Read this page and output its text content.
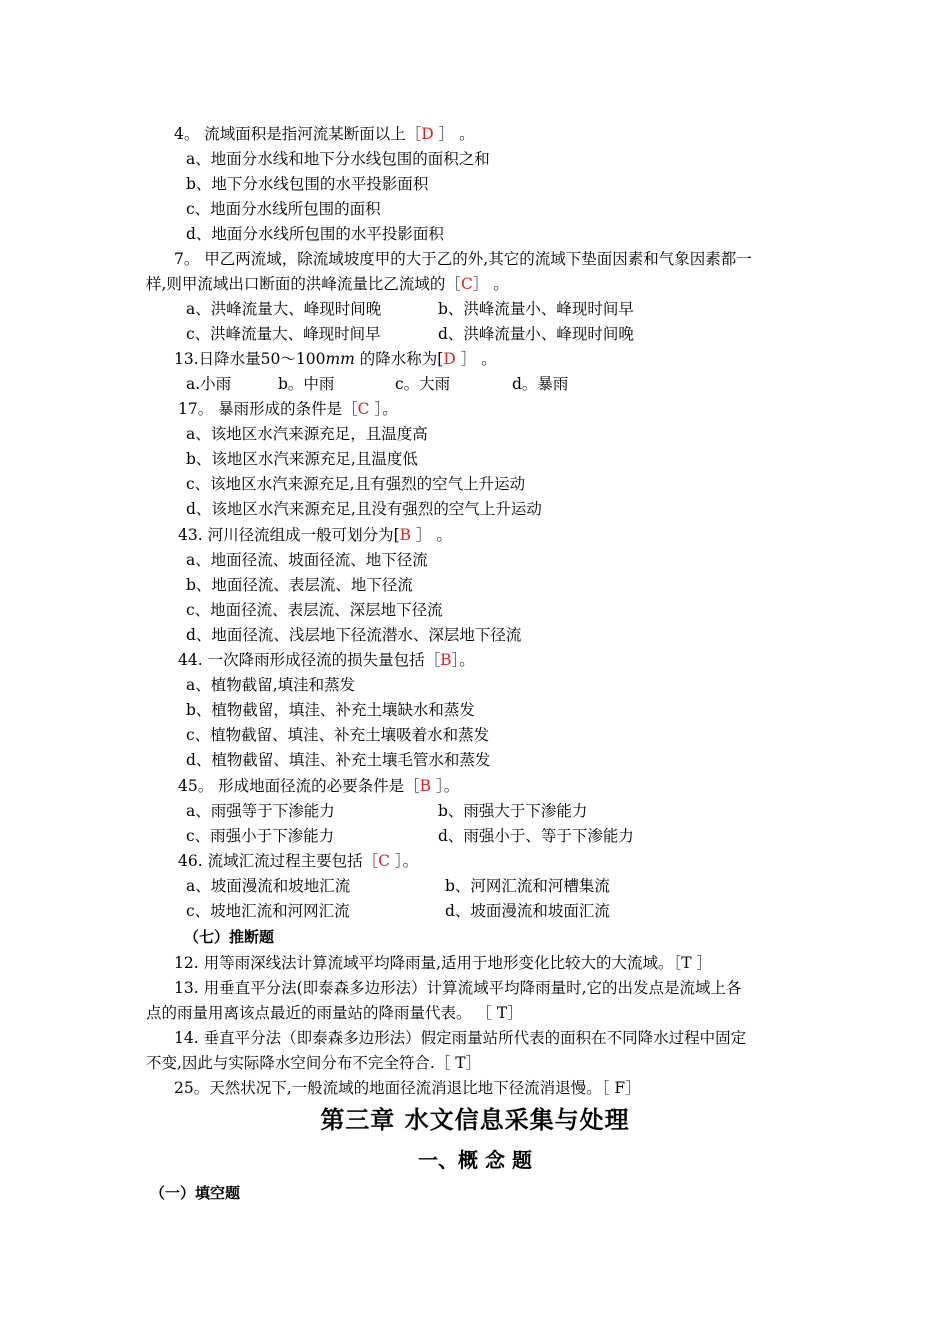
4。 流域面积是指河流某断面以上［D ］ 。
a、地面分水线和地下分水线包围的面积之和
b、地下分水线包围的水平投影面积
c、地面分水线所包围的面积
d、地面分水线所包围的水平投影面积
7。 甲乙两流域，除流域坡度甲的大于乙的外,其它的流域下垫面因素和气象因素都一
样,则甲流域出口断面的洪峰流量比乙流域的［C］ 。
a、洪峰流量大、峰现时间晚	b、洪峰流量小、峰现时间早
c、洪峰流量大、峰现时间早	d、洪峰流量小、峰现时间晚
13.日降水量50～100mm 的降水称为[D ］ 。
a.小雨	b。中雨	c。大雨	d。暴雨
17。 暴雨形成的条件是［C ］。
a、该地区水汽来源充足，且温度高
b、该地区水汽来源充足,且温度低
c、该地区水汽来源充足,且有强烈的空气上升运动
d、该地区水汽来源充足,且没有强烈的空气上升运动
43. 河川径流组成一般可划分为[B ］ 。
a、地面径流、坡面径流、地下径流
b、地面径流、表层流、地下径流
c、地面径流、表层流、深层地下径流
d、地面径流、浅层地下径流潜水、深层地下径流
44. 一次降雨形成径流的损失量包括［B］。
a、植物截留,填洼和蒸发
b、植物截留，填洼、补充土壤缺水和蒸发
c、植物截留、填洼、补充土壤吸着水和蒸发
d、植物截留、填洼、补充土壤毛管水和蒸发
45。 形成地面径流的必要条件是［B ］。
a、雨强等于下渗能力	b、雨强大于下渗能力
c、雨强小于下渗能力	d、雨强小于、等于下渗能力
46. 流域汇流过程主要包括［C ］。
a、坡面漫流和坡地汇流	b、河网汇流和河槽集流
c、坡地汇流和河网汇流	d、坡面漫流和坡面汇流
（七）推断题
12. 用等雨深线法计算流域平均降雨量,适用于地形变化比较大的大流域。［T ］
13. 用垂直平分法(即泰森多边形法）计算流域平均降雨量时,它的出发点是流域上各
点的雨量用离该点最近的雨量站的降雨量代表。 ［ T］
14. 垂直平分法（即泰森多边形法）假定雨量站所代表的面积在不同降水过程中固定
不变,因此与实际降水空间分布不完全符合.［ T］
25。天然状况下,一般流域的地面径流消退比地下径流消退慢。［ F］
第三章 水文信息采集与处理
一、概 念 题
（一）填空题
